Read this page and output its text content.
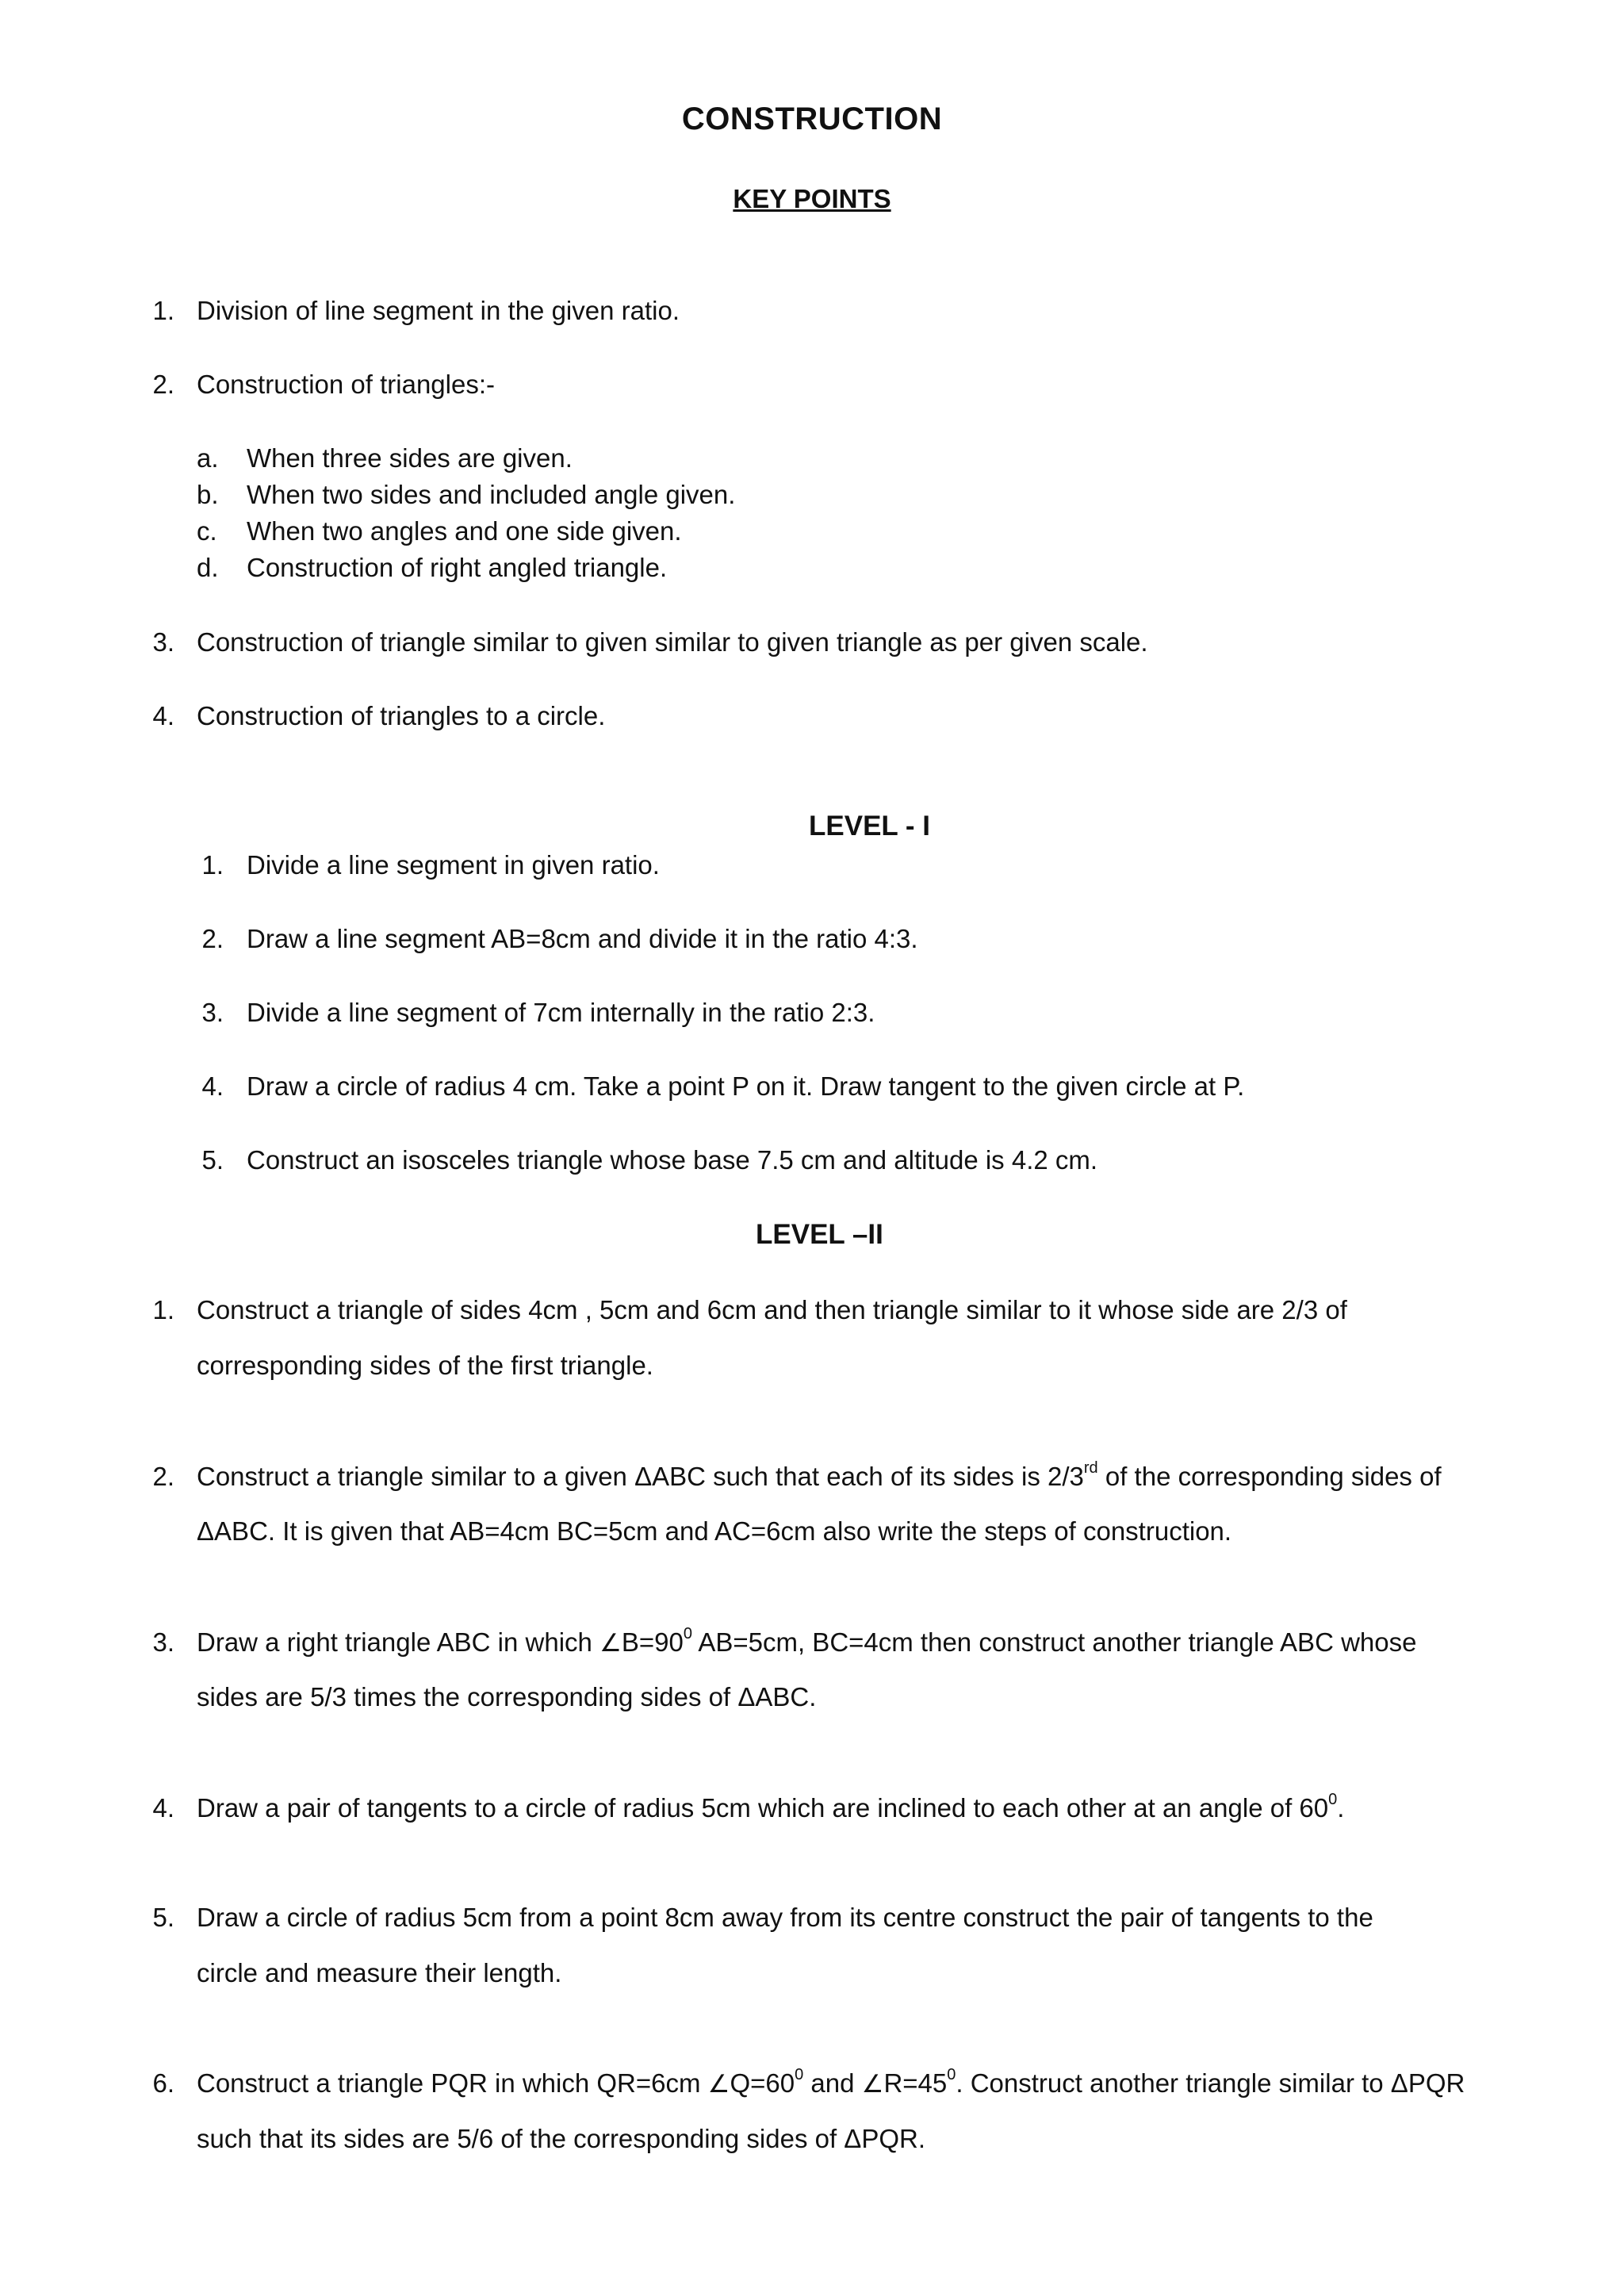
CONSTRUCTION
KEY POINTS
1. Division of line segment in the given ratio.
2. Construction of triangles:-
a. When three sides are given.
b. When two sides and included angle given.
c. When two angles and one side given.
d. Construction of right angled triangle.
3. Construction of triangle similar to given similar to given triangle as per given scale.
4. Construction of triangles to a circle.
LEVEL - I
1. Divide a line segment in given ratio.
2. Draw a line segment AB=8cm and divide it in the ratio 4:3.
3. Divide a line segment of 7cm internally in the ratio 2:3.
4. Draw a circle of radius 4 cm. Take a point P on it. Draw tangent to the given circle at P.
5. Construct an isosceles triangle whose base 7.5 cm and altitude is 4.2 cm.
LEVEL –II
1. Construct a triangle of sides 4cm , 5cm and 6cm and then triangle similar to it whose side are 2/3 of
corresponding sides of the first triangle.
2. Construct a triangle similar to a given ΔABC such that each of its sides is 2/3rd of the corresponding sides of
ΔABC. It is given that AB=4cm BC=5cm and AC=6cm also write the steps of construction.
3. Draw a right triangle ABC in which $\angle B=90^0$ AB=5cm, BC=4cm then construct another triangle ABC whose
sides are 5/3 times the corresponding sides of ΔABC.
4. Draw a pair of tangents to a circle of radius 5cm which are inclined to each other at an angle of $60^0$.
5. Draw a circle of radius 5cm from a point 8cm away from its centre construct the pair of tangents to the
circle and measure their length.
6. Construct a triangle PQR in which QR=6cm $\angle Q=60^0$ and $\angle R=45^0$. Construct another triangle similar to ΔPQR
such that its sides are 5/6 of the corresponding sides of ΔPQR.
